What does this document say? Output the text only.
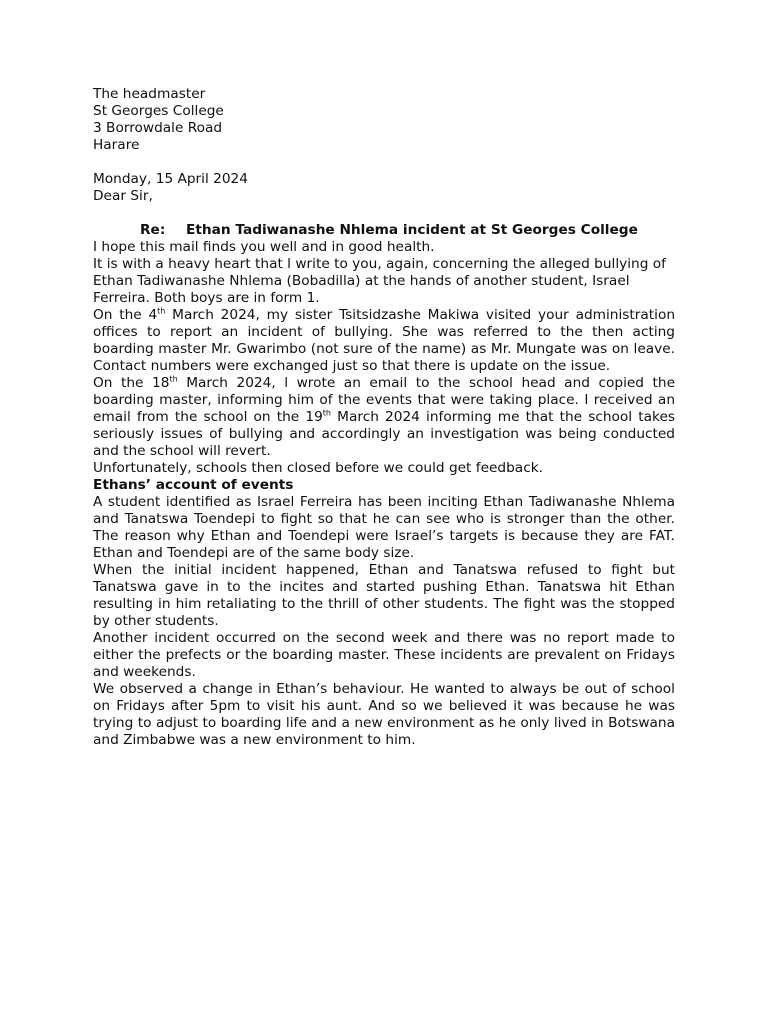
The headmaster

St Georges College

3 Borrowdale Road

Harare

Monday, 15 April 2024

Dear Sir,

Re:	Ethan Tadiwanashe Nhlema incident at St Georges College

I hope this mail finds you well and in good health.

It is with a heavy heart that l write to you, again, concerning the alleged bullying of Ethan Tadiwanashe Nhlema (Bobadilla) at the hands of another student, Israel Ferreira. Both boys are in form 1.

On the 4th March 2024, my sister Tsitsidzashe Makiwa visited your administration offices to report an incident of bullying. She was referred to the then acting boarding master Mr. Gwarimbo (not sure of the name) as Mr. Mungate was on leave. Contact numbers were exchanged just so that there is update on the issue.

On the 18th March 2024, l wrote an email to the school head and copied the boarding master, informing him of the events that were taking place. I received an email from the school on the 19th March 2024 informing me that the school takes seriously issues of bullying and accordingly an investigation was being conducted and the school will revert.

Unfortunately, schools then closed before we could get feedback.

Ethans’ account of events

A student identified as Israel Ferreira has been inciting Ethan Tadiwanashe Nhlema and Tanatswa Toendepi to fight so that he can see who is stronger than the other. The reason why Ethan and Toendepi were Israel’s targets is because they are FAT. Ethan and Toendepi are of the same body size.

When the initial incident happened, Ethan and Tanatswa refused to fight but Tanatswa gave in to the incites and started pushing Ethan. Tanatswa hit Ethan resulting in him retaliating to the thrill of other students. The fight was the stopped by other students.

Another incident occurred on the second week and there was no report made to either the prefects or the boarding master. These incidents are prevalent on Fridays and weekends.

We observed a change in Ethan’s behaviour. He wanted to always be out of school on Fridays after 5pm to visit his aunt. And so we believed it was because he was trying to adjust to boarding life and a new environment as he only lived in Botswana and Zimbabwe was a new environment to him.
